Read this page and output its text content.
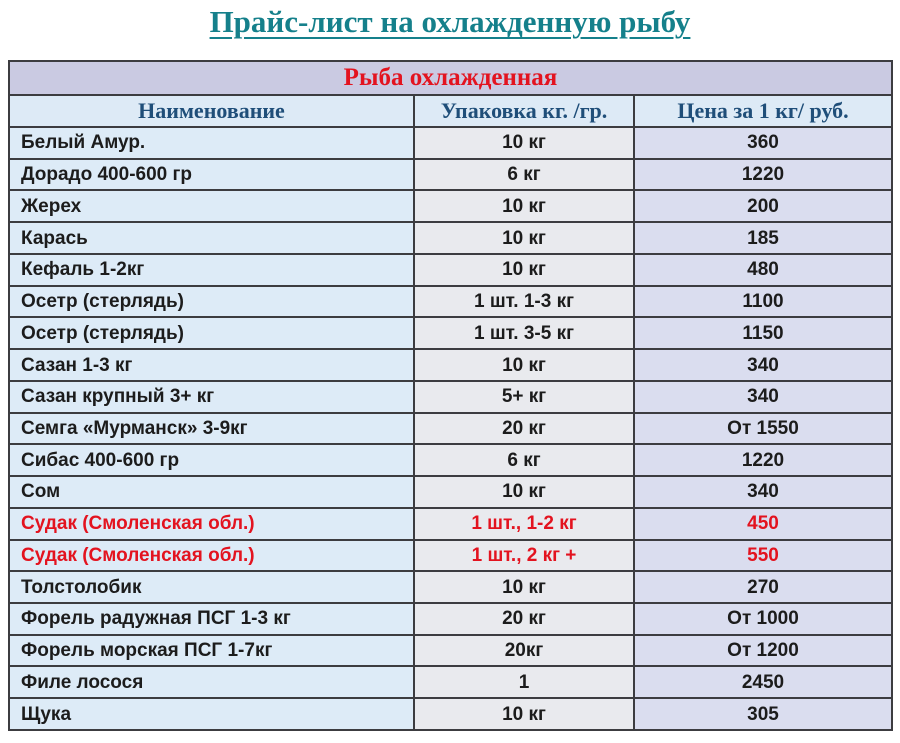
Прайс-лист на охлажденную рыбу
Рыба охлажденная
Наименование	Упаковка кг. /гр.	Цена за 1 кг/ руб.
Белый Амур.	10 кг	360
Дорадо 400-600 гр	6 кг	1220
Жерех	10 кг	200
Карась	10 кг	185
Кефаль 1-2кг	10 кг	480
Осетр (стерлядь)	1 шт. 1-3 кг	1100
Осетр (стерлядь)	1 шт. 3-5 кг	1150
Сазан 1-3 кг	10 кг	340
Сазан крупный 3+ кг	5+ кг	340
Семга «Мурманск» 3-9кг	20 кг	От 1550
Сибас 400-600 гр	6 кг	1220
Сом	10 кг	340
Судак (Смоленская обл.)	1 шт., 1-2 кг	450
Судак (Смоленская обл.)	1 шт., 2 кг +	550
Толстолобик	10 кг	270
Форель радужная ПСГ 1-3 кг	20 кг	От 1000
Форель морская ПСГ 1-7кг	20кг	От 1200
Филе лосося	1	2450
Щука	10 кг	305
